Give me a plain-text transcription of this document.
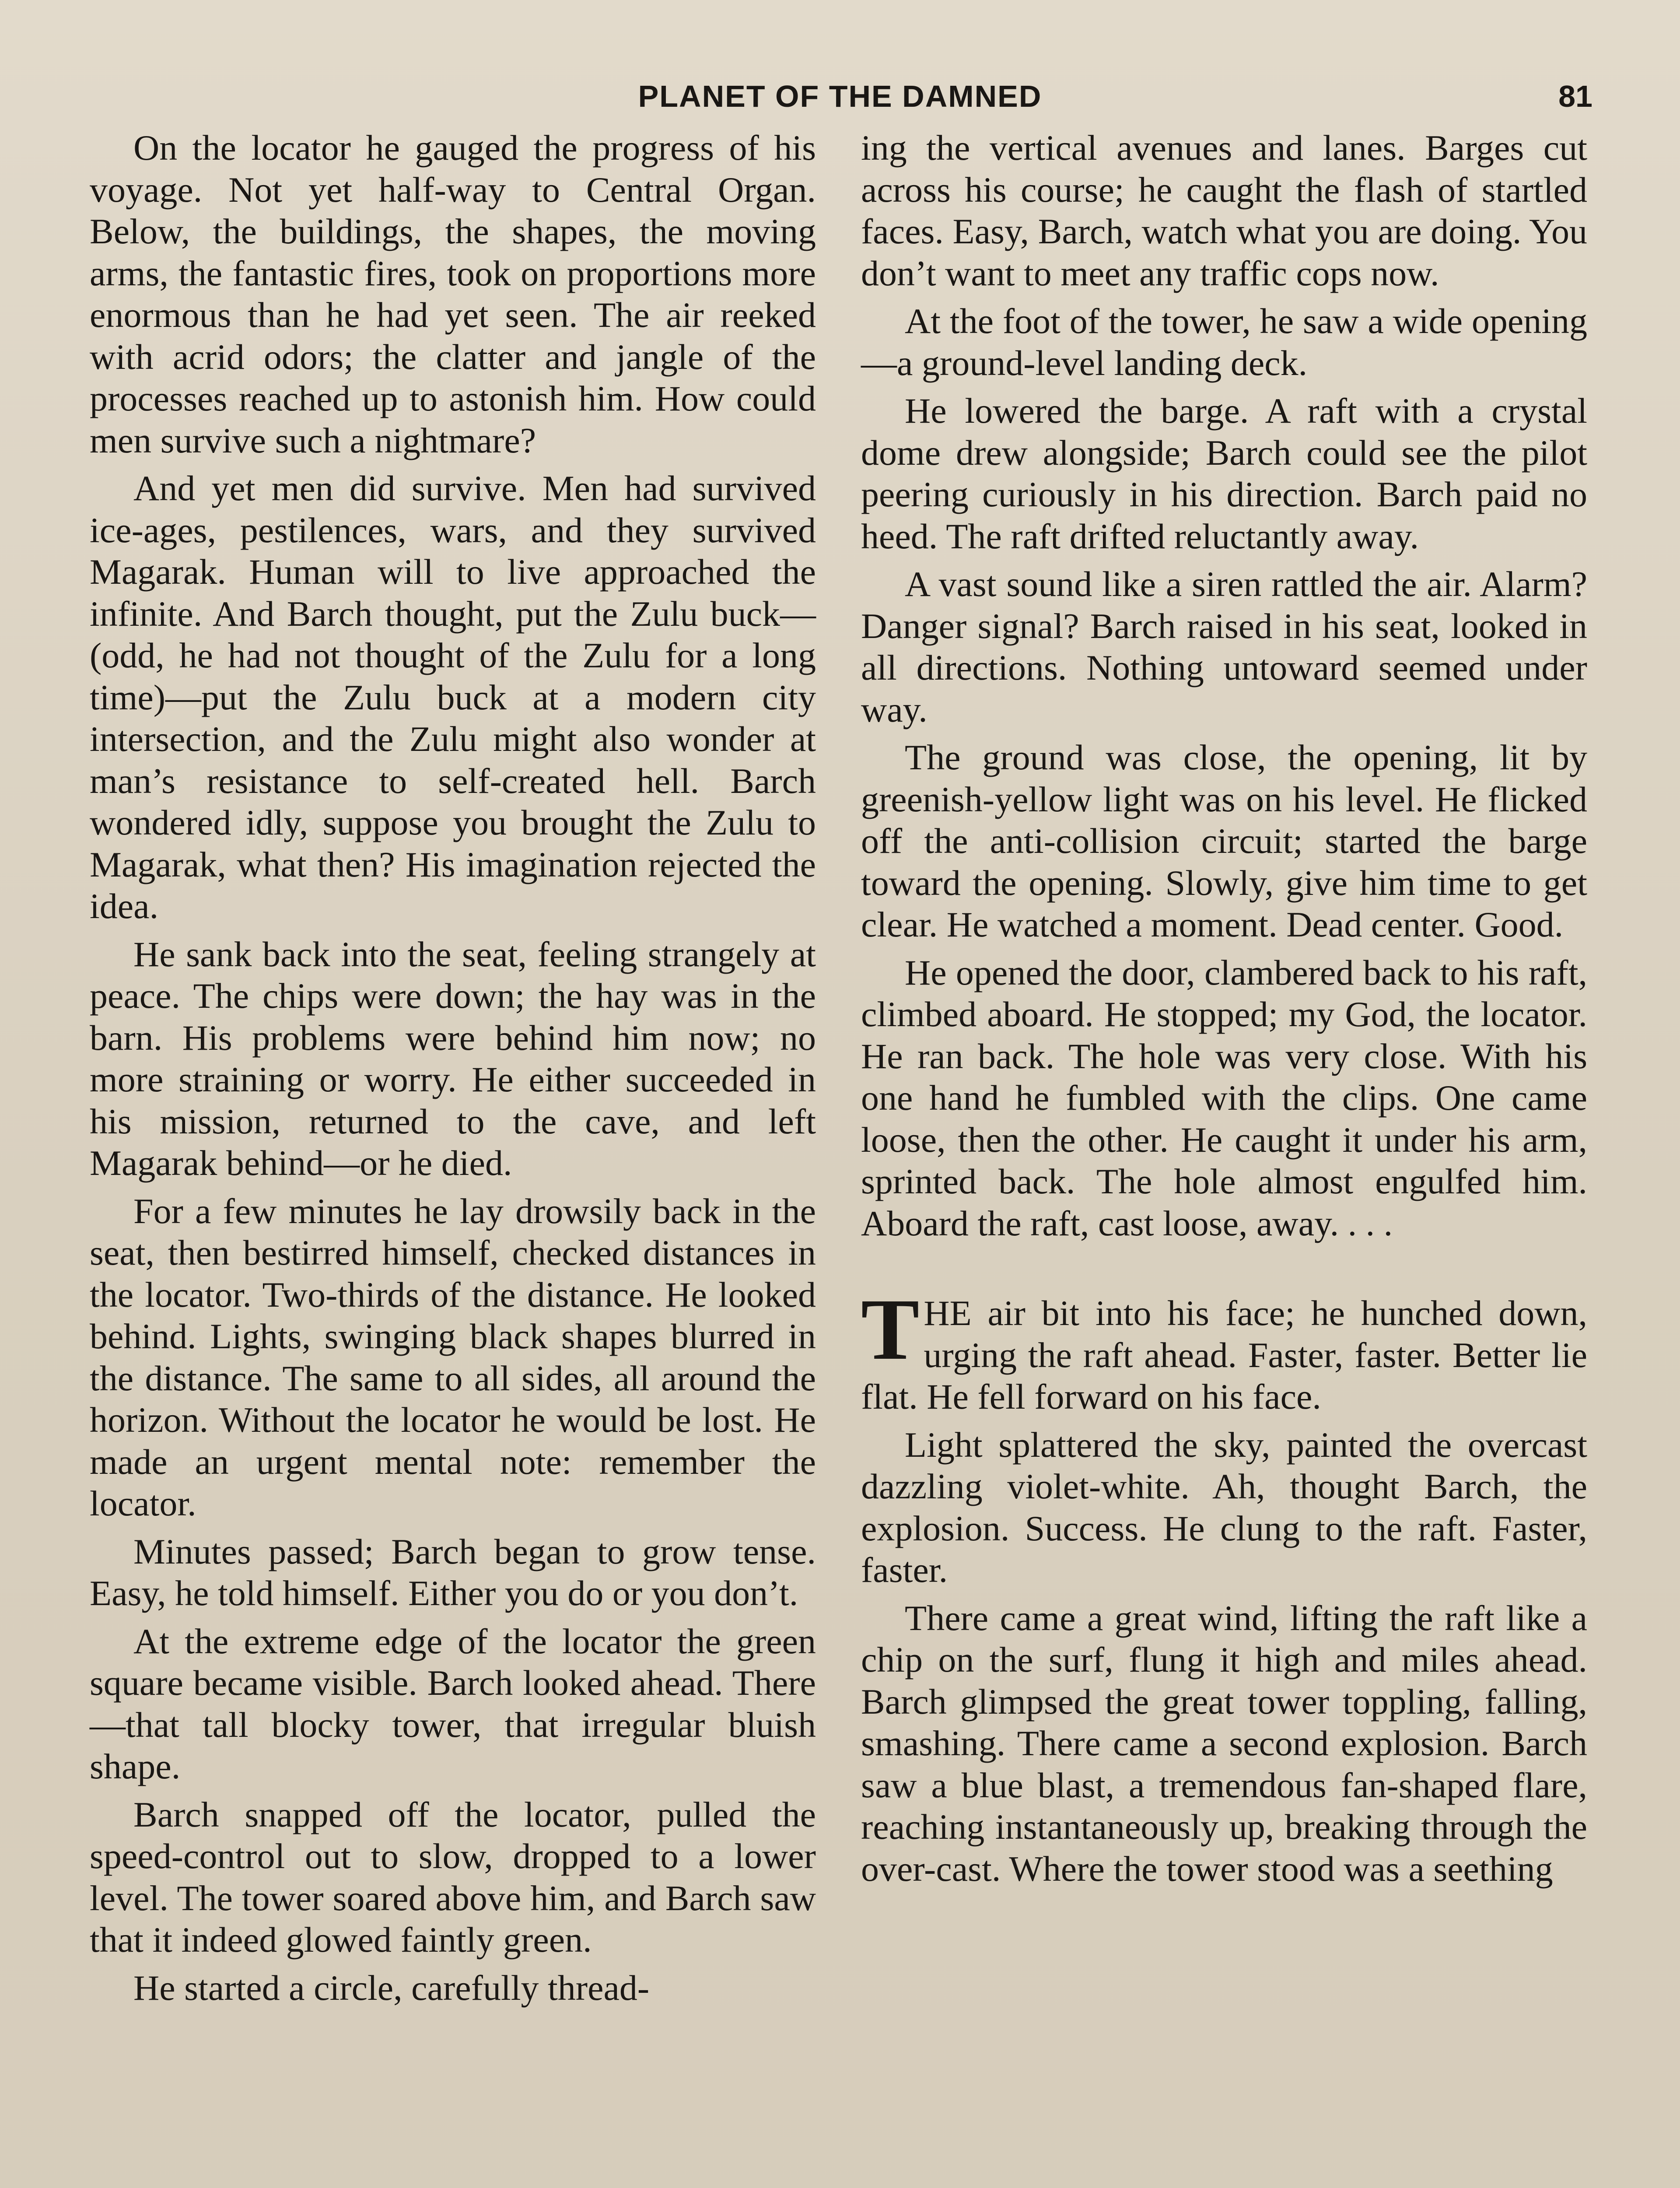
PLANET OF THE DAMNED	81

On the locator he gauged the progress of his voyage. Not yet half-way to Central Organ. Below, the buildings, the shapes, the moving arms, the fantastic fires, took on proportions more enormous than he had yet seen. The air reeked with acrid odors; the clatter and jangle of the processes reached up to astonish him. How could men survive such a nightmare?

And yet men did survive. Men had survived ice-ages, pestilences, wars, and they survived Magarak. Human will to live approached the infinite. And Barch thought, put the Zulu buck—(odd, he had not thought of the Zulu for a long time)—put the Zulu buck at a modern city intersection, and the Zulu might also wonder at man’s resistance to self-created hell. Barch wondered idly, suppose you brought the Zulu to Magarak, what then? His imagination rejected the idea.

He sank back into the seat, feeling strangely at peace. The chips were down; the hay was in the barn. His problems were behind him now; no more straining or worry. He either succeeded in his mission, returned to the cave, and left Magarak behind—or he died.

For a few minutes he lay drowsily back in the seat, then bestirred himself, checked distances in the locator. Two-thirds of the distance. He looked behind. Lights, swinging black shapes blurred in the distance. The same to all sides, all around the horizon. Without the locator he would be lost. He made an urgent mental note: remember the locator.

Minutes passed; Barch began to grow tense. Easy, he told himself. Either you do or you don’t.

At the extreme edge of the locator the green square became visible. Barch looked ahead. There—that tall blocky tower, that irregular bluish shape.

Barch snapped off the locator, pulled the speed-control out to slow, dropped to a lower level. The tower soared above him, and Barch saw that it indeed glowed faintly green.

He started a circle, carefully thread-

ing the vertical avenues and lanes. Barges cut across his course; he caught the flash of startled faces. Easy, Barch, watch what you are doing. You don’t want to meet any traffic cops now.

At the foot of the tower, he saw a wide opening—a ground-level landing deck.

He lowered the barge. A raft with a crystal dome drew alongside; Barch could see the pilot peering curiously in his direction. Barch paid no heed. The raft drifted reluctantly away.

A vast sound like a siren rattled the air. Alarm? Danger signal? Barch raised in his seat, looked in all directions. Nothing untoward seemed under way.

The ground was close, the opening, lit by greenish-yellow light was on his level. He flicked off the anti-collision circuit; started the barge toward the opening. Slowly, give him time to get clear. He watched a moment. Dead center. Good.

He opened the door, clambered back to his raft, climbed aboard. He stopped; my God, the locator. He ran back. The hole was very close. With his one hand he fumbled with the clips. One came loose, then the other. He caught it under his arm, sprinted back. The hole almost engulfed him. Aboard the raft, cast loose, away. . . .

THE air bit into his face; he hunched down, urging the raft ahead. Faster, faster. Better lie flat. He fell forward on his face.

Light splattered the sky, painted the overcast dazzling violet-white. Ah, thought Barch, the explosion. Success. He clung to the raft. Faster, faster.

There came a great wind, lifting the raft like a chip on the surf, flung it high and miles ahead. Barch glimpsed the great tower toppling, falling, smashing. There came a second explosion. Barch saw a blue blast, a tremendous fan-shaped flare, reaching instantaneously up, breaking through the over-cast. Where the tower stood was a seething
